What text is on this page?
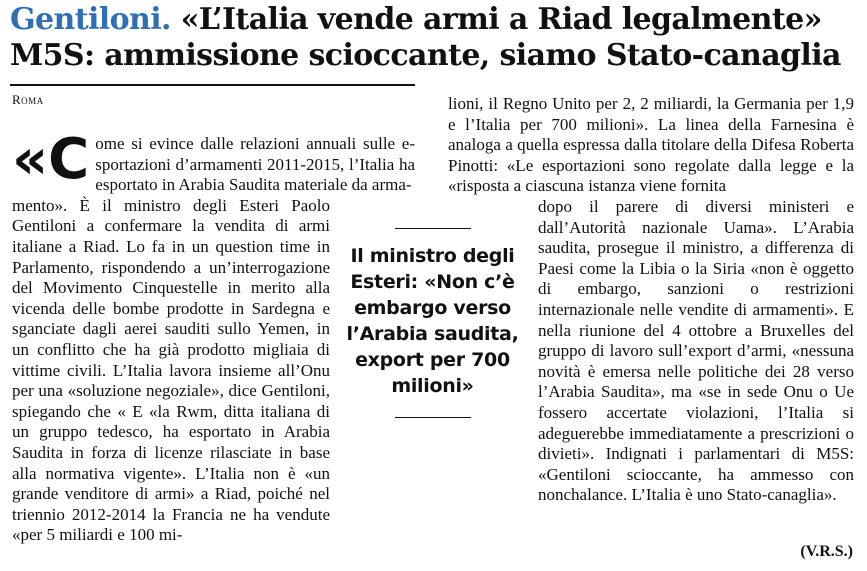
Gentiloni. «L’Italia vende armi a Riad legalmente»
M5S: ammissione scioccante, siamo Stato-canaglia
Roma

«Come si evince dalle relazioni annuali sulle e-sportazioni d’armamenti 2011-2015, l’Italia ha esportato in Arabia Saudita materiale da arma-

mento». È il ministro degli Esteri Paolo Gentiloni a confermare la vendita di armi italiane a Riad. Lo fa in un question time in Parlamento, rispondendo a un’interrogazione del Movimento Cinquestelle in merito alla vicenda delle bombe prodotte in Sardegna e sganciate dagli aerei sauditi sullo Yemen, in un conflitto che ha già prodotto migliaia di vittime civili. L’Italia lavora insieme all’Onu per una «soluzione negoziale», dice Gentiloni, spiegando che « E «la Rwm, ditta italiana di un gruppo tedesco, ha esportato in Arabia Saudita in forza di licenze rilasciate in base alla normativa vigente». L’Italia non è «un grande venditore di armi» a Riad, poiché nel triennio 2012-2014 la Francia ne ha vendute «per 5 miliardi e 100 mi-

Il ministro degli Esteri: «Non c’è embargo verso l’Arabia saudita, export per 700 milioni»

lioni, il Regno Unito per 2, 2 miliardi, la Germania per 1,9 e l’Italia per 700 milioni». La linea della Farnesina è analoga a quella espressa dalla titolare della Difesa Roberta Pinotti: «Le esportazioni sono regolate dalla legge e la «risposta a ciascuna istanza viene fornita

dopo il parere di diversi ministeri e dall’Autorità nazionale Uama». L’Arabia saudita, prosegue il ministro, a differenza di Paesi come la Libia o la Siria «non è oggetto di embargo, sanzioni o restrizioni internazionale nelle vendite di armamenti». E nella riunione del 4 ottobre a Bruxelles del gruppo di lavoro sull’export d’armi, «nessuna novità è emersa nelle politiche dei 28 verso l’Arabia Saudita», ma «se in sede Onu o Ue fossero accertate violazioni, l’Italia si adeguerebbe immediatamente a prescrizioni o divieti». Indignati i parlamentari di M5S: «Gentiloni scioccante, ha ammesso con nonchalance. L’Italia è uno Stato-canaglia».

(V.R.S.)
